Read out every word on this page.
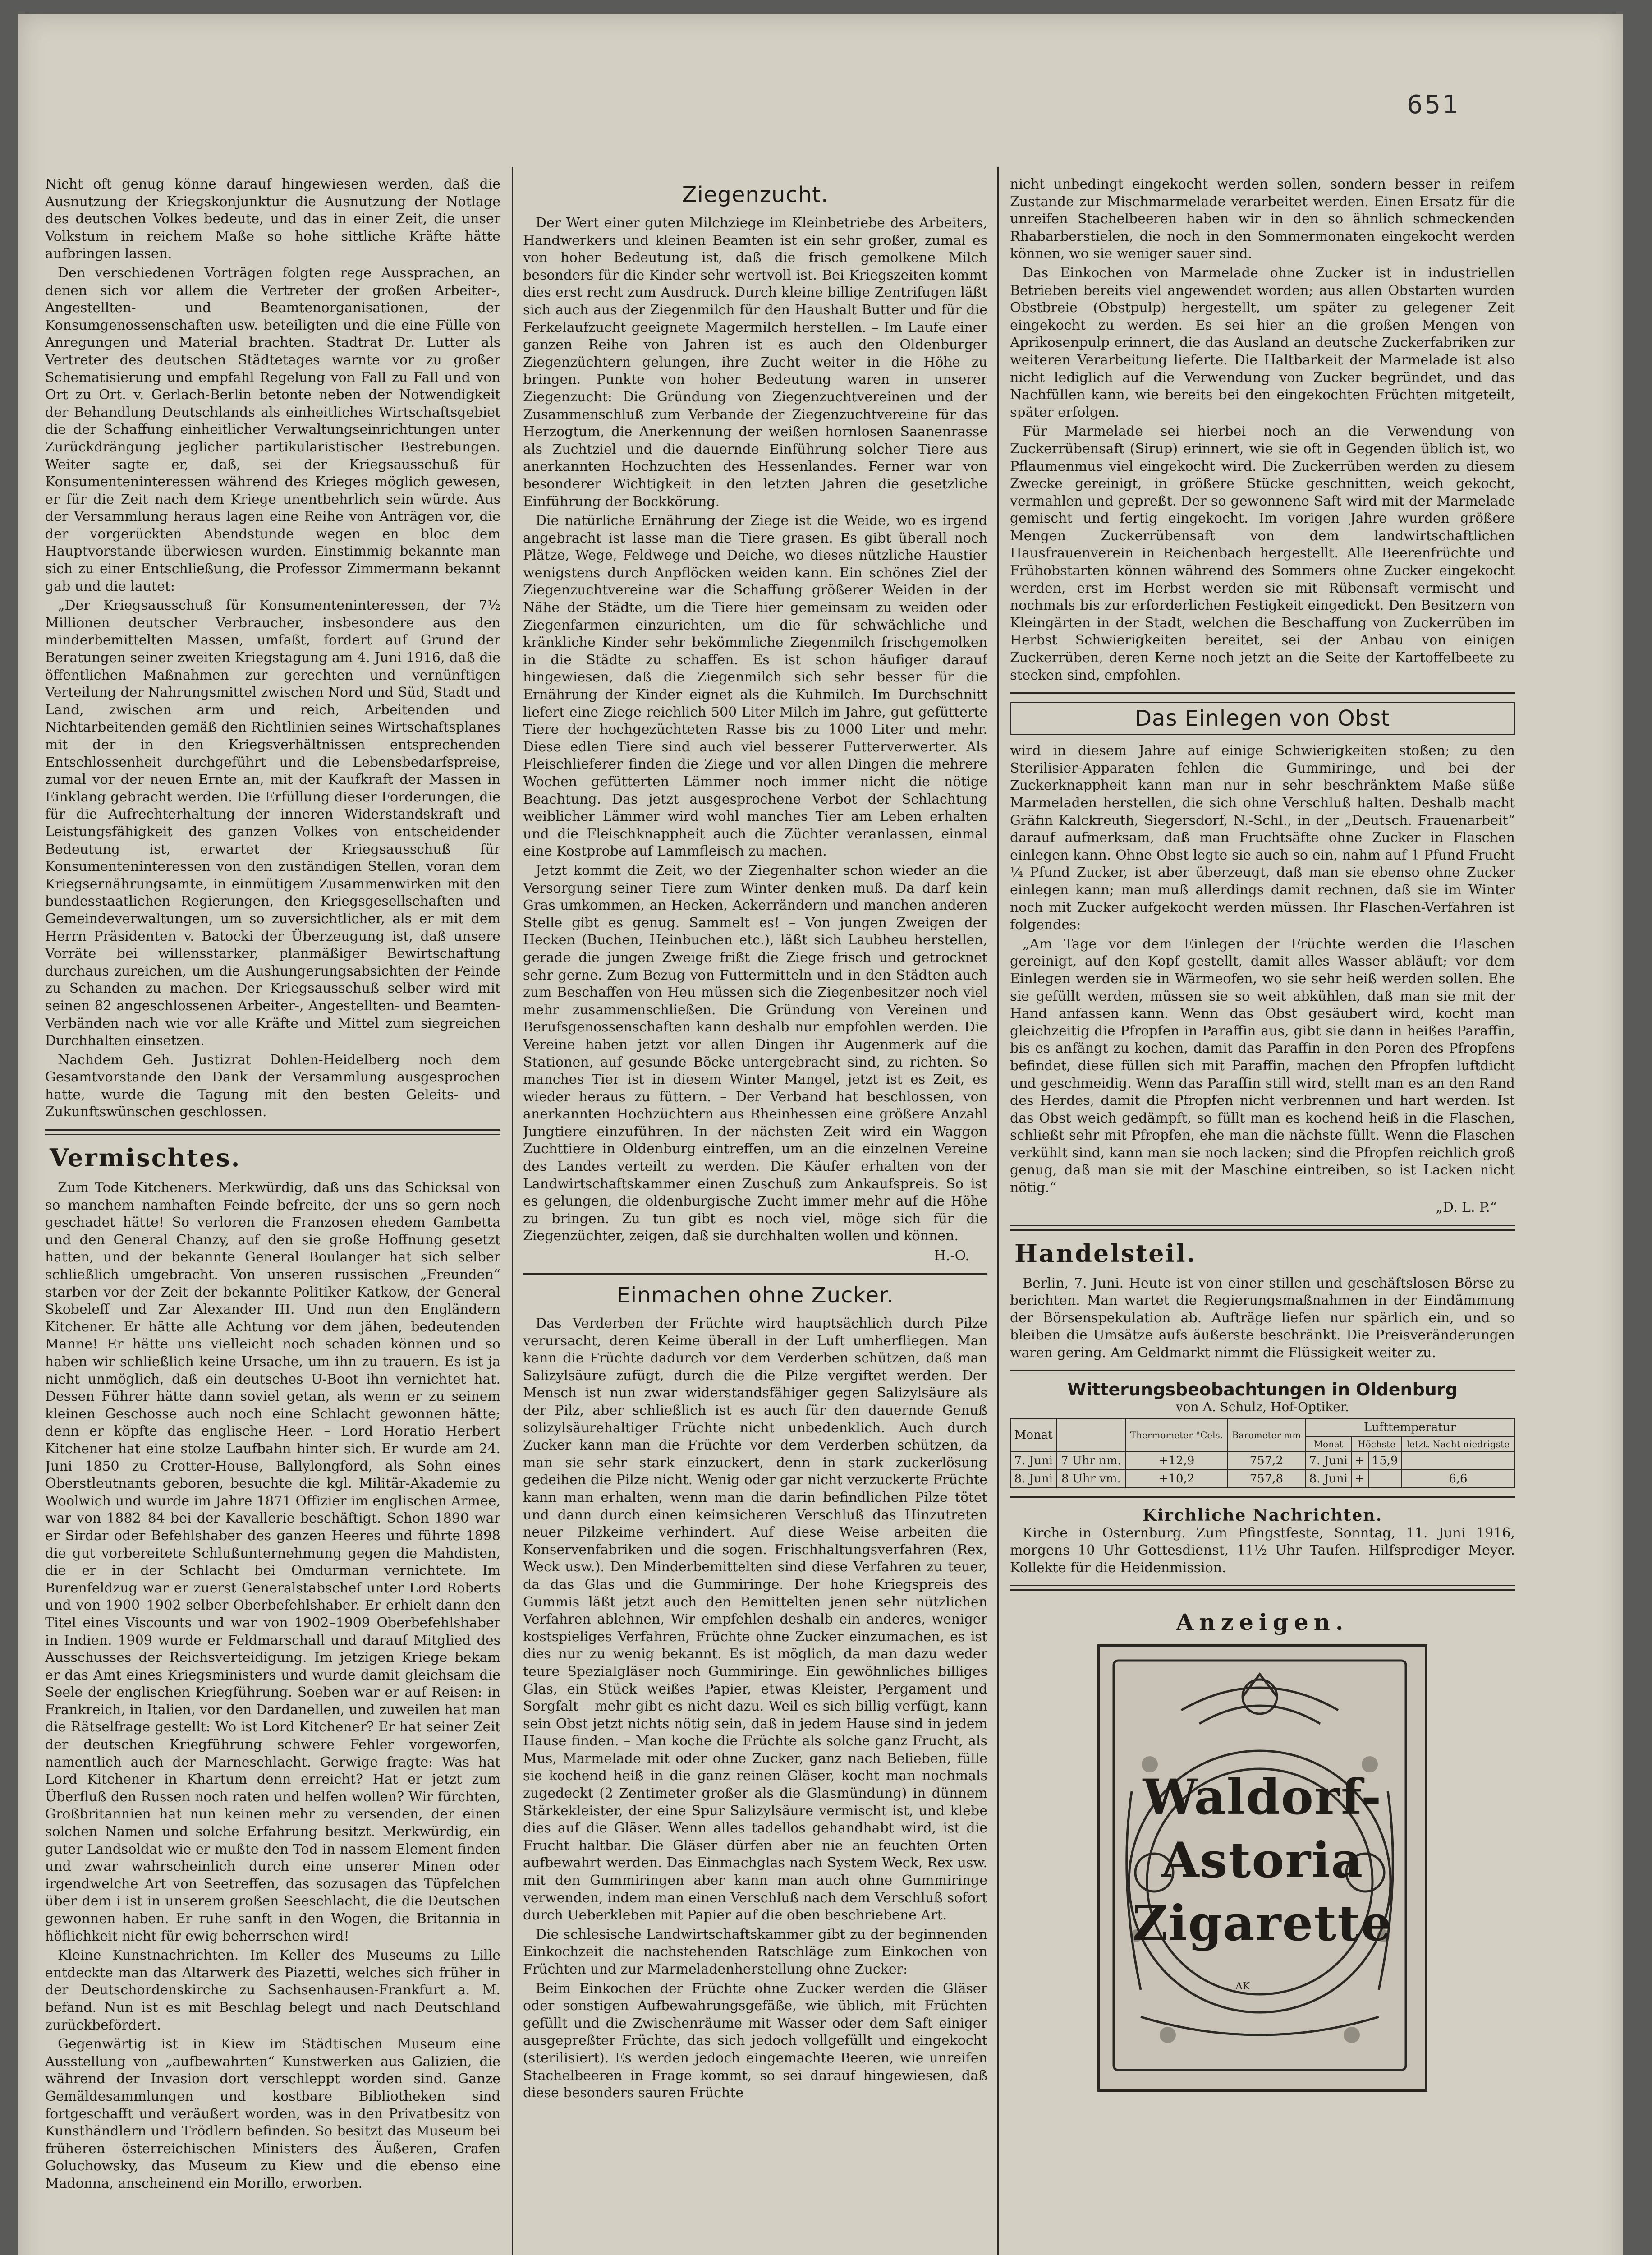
651

Nicht oft genug könne darauf hingewiesen werden, daß die Ausnutzung der Kriegskonjunktur die Ausnutzung der Notlage des deutschen Volkes bedeute, und das in einer Zeit, die unser Volkstum in reichem Maße so hohe sittliche Kräfte hätte aufbringen lassen.

Den verschiedenen Vorträgen folgten rege Aussprachen, an denen sich vor allem die Vertreter der großen Arbeiter-, Angestellten- und Beamtenorganisationen, der Konsumgenossenschaften usw. beteiligten und die eine Fülle von Anregungen und Material brachten. Stadtrat Dr. Lutter als Vertreter des deutschen Städtetages warnte vor zu großer Schematisierung und empfahl Regelung von Fall zu Fall und von Ort zu Ort. v. Gerlach-Berlin betonte neben der Notwendigkeit der Behandlung Deutschlands als einheitliches Wirtschaftsgebiet die der Schaffung einheitlicher Verwaltungseinrichtungen unter Zurückdrängung jeglicher partikularistischer Bestrebungen. Weiter sagte er, daß, sei der Kriegsausschuß für Konsumenteninteressen während des Krieges möglich gewesen, er für die Zeit nach dem Kriege unentbehrlich sein würde. Aus der Versammlung heraus lagen eine Reihe von Anträgen vor, die der vorgerückten Abendstunde wegen en bloc dem Hauptvorstande überwiesen wurden. Einstimmig bekannte man sich zu einer Entschließung, die Professor Zimmermann bekannt gab und die lautet:

„Der Kriegsausschuß für Konsumenteninteressen, der 7½ Millionen deutscher Verbraucher, insbesondere aus den minderbemittelten Massen, umfaßt, fordert auf Grund der Beratungen seiner zweiten Kriegstagung am 4. Juni 1916, daß die öffentlichen Maßnahmen zur gerechten und vernünftigen Verteilung der Nahrungsmittel zwischen Nord und Süd, Stadt und Land, zwischen arm und reich, Arbeitenden und Nichtarbeitenden gemäß den Richtlinien seines Wirtschaftsplanes mit der in den Kriegsverhältnissen entsprechenden Entschlossenheit durchgeführt und die Lebensbedarfspreise, zumal vor der neuen Ernte an, mit der Kaufkraft der Massen in Einklang gebracht werden. Die Erfüllung dieser Forderungen, die für die Aufrechterhaltung der inneren Widerstandskraft und Leistungsfähigkeit des ganzen Volkes von entscheidender Bedeutung ist, erwartet der Kriegsausschuß für Konsumenteninteressen von den zuständigen Stellen, voran dem Kriegsernährungsamte, in einmütigem Zusammenwirken mit den bundesstaatlichen Regierungen, den Kriegsgesellschaften und Gemeindeverwaltungen, um so zuversichtlicher, als er mit dem Herrn Präsidenten v. Batocki der Überzeugung ist, daß unsere Vorräte bei willensstarker, planmäßiger Bewirtschaftung durchaus zureichen, um die Aushungerungsabsichten der Feinde zu Schanden zu machen. Der Kriegsausschuß selber wird mit seinen 82 angeschlossenen Arbeiter-, Angestellten- und Beamten-Verbänden nach wie vor alle Kräfte und Mittel zum siegreichen Durchhalten einsetzen.

Nachdem Geh. Justizrat Dohlen-Heidelberg noch dem Gesamtvorstande den Dank der Versammlung ausgesprochen hatte, wurde die Tagung mit den besten Geleits- und Zukunftswünschen geschlossen.

Vermischtes.

Zum Tode Kitcheners. Merkwürdig, daß uns das Schicksal von so manchem namhaften Feinde befreite, der uns so gern noch geschadet hätte! So verloren die Franzosen ehedem Gambetta und den General Chanzy, auf den sie große Hoffnung gesetzt hatten, und der bekannte General Boulanger hat sich selber schließlich umgebracht. Von unseren russischen „Freunden“ starben vor der Zeit der bekannte Politiker Katkow, der General Skobeleff und Zar Alexander III. Und nun den Engländern Kitchener. Er hätte alle Achtung vor dem jähen, bedeutenden Manne! Er hätte uns vielleicht noch schaden können und so haben wir schließlich keine Ursache, um ihn zu trauern. Es ist ja nicht unmöglich, daß ein deutsches U-Boot ihn vernichtet hat. Dessen Führer hätte dann soviel getan, als wenn er zu seinem kleinen Geschosse auch noch eine Schlacht gewonnen hätte; denn er köpfte das englische Heer. – Lord Horatio Herbert Kitchener hat eine stolze Laufbahn hinter sich. Er wurde am 24. Juni 1850 zu Crotter-House, Ballylongford, als Sohn eines Oberstleutnants geboren, besuchte die kgl. Militär-Akademie zu Woolwich und wurde im Jahre 1871 Offizier im englischen Armee, war von 1882–84 bei der Kavallerie beschäftigt. Schon 1890 war er Sirdar oder Befehlshaber des ganzen Heeres und führte 1898 die gut vorbereitete Schlußunternehmung gegen die Mahdisten, die er in der Schlacht bei Omdurman vernichtete. Im Burenfeldzug war er zuerst Generalstabschef unter Lord Roberts und von 1900–1902 selber Oberbefehlshaber. Er erhielt dann den Titel eines Viscounts und war von 1902–1909 Oberbefehlshaber in Indien. 1909 wurde er Feldmarschall und darauf Mitglied des Ausschusses der Reichsverteidigung. Im jetzigen Kriege bekam er das Amt eines Kriegsministers und wurde damit gleichsam die Seele der englischen Kriegführung. Soeben war er auf Reisen: in Frankreich, in Italien, vor den Dardanellen, und zuweilen hat man die Rätselfrage gestellt: Wo ist Lord Kitchener? Er hat seiner Zeit der deutschen Kriegführung schwere Fehler vorgeworfen, namentlich auch der Marneschlacht. Gerwige fragte: Was hat Lord Kitchener in Khartum denn erreicht? Hat er jetzt zum Überfluß den Russen noch raten und helfen wollen? Wir fürchten, Großbritannien hat nun keinen mehr zu versenden, der einen solchen Namen und solche Erfahrung besitzt. Merkwürdig, ein guter Landsoldat wie er mußte den Tod in nassem Element finden und zwar wahrscheinlich durch eine unserer Minen oder irgendwelche Art von Seetreffen, das sozusagen das Tüpfelchen über dem i ist in unserem großen Seeschlacht, die die Deutschen gewonnen haben. Er ruhe sanft in den Wogen, die Britannia in höflichkeit nicht für ewig beherrschen wird!

Kleine Kunstnachrichten. Im Keller des Museums zu Lille entdeckte man das Altarwerk des Piazetti, welches sich früher in der Deutschordenskirche zu Sachsenhausen-Frankfurt a. M. befand. Nun ist es mit Beschlag belegt und nach Deutschland zurückbefördert.

Gegenwärtig ist in Kiew im Städtischen Museum eine Ausstellung von „aufbewahrten“ Kunstwerken aus Galizien, die während der Invasion dort verschleppt worden sind. Ganze Gemäldesammlungen und kostbare Bibliotheken sind fortgeschafft und veräußert worden, was in den Privatbesitz von Kunsthändlern und Trödlern befinden. So besitzt das Museum bei früheren österreichischen Ministers des Äußeren, Grafen Goluchowsky, das Museum zu Kiew und die ebenso eine Madonna, anscheinend ein Morillo, erworben.

Ziegenzucht.

Der Wert einer guten Milchziege im Kleinbetriebe des Arbeiters, Handwerkers und kleinen Beamten ist ein sehr großer, zumal es von hoher Bedeutung ist, daß die frisch gemolkene Milch besonders für die Kinder sehr wertvoll ist. Bei Kriegszeiten kommt dies erst recht zum Ausdruck. Durch kleine billige Zentrifugen läßt sich auch aus der Ziegenmilch für den Haushalt Butter und für die Ferkelaufzucht geeignete Magermilch herstellen. – Im Laufe einer ganzen Reihe von Jahren ist es auch den Oldenburger Ziegenzüchtern gelungen, ihre Zucht weiter in die Höhe zu bringen. Punkte von hoher Bedeutung waren in unserer Ziegenzucht: Die Gründung von Ziegenzuchtvereinen und der Zusammenschluß zum Verbande der Ziegenzuchtvereine für das Herzogtum, die Anerkennung der weißen hornlosen Saanenrasse als Zuchtziel und die dauernde Einführung solcher Tiere aus anerkannten Hochzuchten des Hessenlandes. Ferner war von besonderer Wichtigkeit in den letzten Jahren die gesetzliche Einführung der Bockkörung.

Die natürliche Ernährung der Ziege ist die Weide, wo es irgend angebracht ist lasse man die Tiere grasen. Es gibt überall noch Plätze, Wege, Feldwege und Deiche, wo dieses nützliche Haustier wenigstens durch Anpflöcken weiden kann. Ein schönes Ziel der Ziegenzuchtvereine war die Schaffung größerer Weiden in der Nähe der Städte, um die Tiere hier gemeinsam zu weiden oder Ziegenfarmen einzurichten, um die für schwächliche und kränkliche Kinder sehr bekömmliche Ziegenmilch frischgemolken in die Städte zu schaffen. Es ist schon häufiger darauf hingewiesen, daß die Ziegenmilch sich sehr besser für die Ernährung der Kinder eignet als die Kuhmilch. Im Durchschnitt liefert eine Ziege reichlich 500 Liter Milch im Jahre, gut gefütterte Tiere der hochgezüchteten Rasse bis zu 1000 Liter und mehr. Diese edlen Tiere sind auch viel besserer Futterverwerter. Als Fleischlieferer finden die Ziege und vor allen Dingen die mehrere Wochen gefütterten Lämmer noch immer nicht die nötige Beachtung. Das jetzt ausgesprochene Verbot der Schlachtung weiblicher Lämmer wird wohl manches Tier am Leben erhalten und die Fleischknappheit auch die Züchter veranlassen, einmal eine Kostprobe auf Lammfleisch zu machen.

Jetzt kommt die Zeit, wo der Ziegenhalter schon wieder an die Versorgung seiner Tiere zum Winter denken muß. Da darf kein Gras umkommen, an Hecken, Ackerrändern und manchen anderen Stelle gibt es genug. Sammelt es! – Von jungen Zweigen der Hecken (Buchen, Heinbuchen etc.), läßt sich Laubheu herstellen, gerade die jungen Zweige frißt die Ziege frisch und getrocknet sehr gerne. Zum Bezug von Futtermitteln und in den Städten auch zum Beschaffen von Heu müssen sich die Ziegenbesitzer noch viel mehr zusammenschließen. Die Gründung von Vereinen und Berufsgenossenschaften kann deshalb nur empfohlen werden. Die Vereine haben jetzt vor allen Dingen ihr Augenmerk auf die Stationen, auf gesunde Böcke untergebracht sind, zu richten. So manches Tier ist in diesem Winter Mangel, jetzt ist es Zeit, es wieder heraus zu füttern. – Der Verband hat beschlossen, von anerkannten Hochzüchtern aus Rheinhessen eine größere Anzahl Jungtiere einzuführen. In der nächsten Zeit wird ein Waggon Zuchttiere in Oldenburg eintreffen, um an die einzelnen Vereine des Landes verteilt zu werden. Die Käufer erhalten von der Landwirtschaftskammer einen Zuschuß zum Ankaufspreis. So ist es gelungen, die oldenburgische Zucht immer mehr auf die Höhe zu bringen. Zu tun gibt es noch viel, möge sich für die Ziegenzüchter, zeigen, daß sie durchhalten wollen und können.

H.-O.
Einmachen ohne Zucker.

Das Verderben der Früchte wird hauptsächlich durch Pilze verursacht, deren Keime überall in der Luft umherfliegen. Man kann die Früchte dadurch vor dem Verderben schützen, daß man Salizylsäure zufügt, durch die die Pilze vergiftet werden. Der Mensch ist nun zwar widerstandsfähiger gegen Salizylsäure als der Pilz, aber schließlich ist es auch für den dauernde Genuß solizylsäurehaltiger Früchte nicht unbedenklich. Auch durch Zucker kann man die Früchte vor dem Verderben schützen, da man sie sehr stark einzuckert, denn in stark zuckerlösung gedeihen die Pilze nicht. Wenig oder gar nicht verzuckerte Früchte kann man erhalten, wenn man die darin befindlichen Pilze tötet und dann durch einen keimsicheren Verschluß das Hinzutreten neuer Pilzkeime verhindert. Auf diese Weise arbeiten die Konservenfabriken und die sogen. Frischhaltungsverfahren (Rex, Weck usw.). Den Minderbemittelten sind diese Verfahren zu teuer, da das Glas und die Gummiringe. Der hohe Kriegspreis des Gummis läßt jetzt auch den Bemittelten jenen sehr nützlichen Verfahren ablehnen, Wir empfehlen deshalb ein anderes, weniger kostspieliges Verfahren, Früchte ohne Zucker einzumachen, es ist dies nur zu wenig bekannt. Es ist möglich, da man dazu weder teure Spezialgläser noch Gummiringe. Ein gewöhnliches billiges Glas, ein Stück weißes Papier, etwas Kleister, Pergament und Sorgfalt – mehr gibt es nicht dazu. Weil es sich billig verfügt, kann sein Obst jetzt nichts nötig sein, daß in jedem Hause sind in jedem Hause finden. – Man koche die Früchte als solche ganz Frucht, als Mus, Marmelade mit oder ohne Zucker, ganz nach Belieben, fülle sie kochend heiß in die ganz reinen Gläser, kocht man nochmals zugedeckt (2 Zentimeter großer als die Glasmündung) in dünnem Stärkekleister, der eine Spur Salizylsäure vermischt ist, und klebe dies auf die Gläser. Wenn alles tadellos gehandhabt wird, ist die Frucht haltbar. Die Gläser dürfen aber nie an feuchten Orten aufbewahrt werden. Das Einmachglas nach System Weck, Rex usw. mit den Gummiringen aber kann man auch ohne Gummiringe verwenden, indem man einen Verschluß nach dem Verschluß sofort durch Ueberkleben mit Papier auf die oben beschriebene Art.

Die schlesische Landwirtschaftskammer gibt zu der beginnenden Einkochzeit die nachstehenden Ratschläge zum Einkochen von Früchten und zur Marmeladenherstellung ohne Zucker:

Beim Einkochen der Früchte ohne Zucker werden die Gläser oder sonstigen Aufbewahrungsgefäße, wie üblich, mit Früchten gefüllt und die Zwischenräume mit Wasser oder dem Saft einiger ausgepreßter Früchte, das sich jedoch vollgefüllt und eingekocht (sterilisiert). Es werden jedoch eingemachte Beeren, wie unreifen Stachelbeeren in Frage kommt, so sei darauf hingewiesen, daß diese besonders sauren Früchte

nicht unbedingt eingekocht werden sollen, sondern besser in reifem Zustande zur Mischmarmelade verarbeitet werden. Einen Ersatz für die unreifen Stachelbeeren haben wir in den so ähnlich schmeckenden Rhabarberstielen, die noch in den Sommermonaten eingekocht werden können, wo sie weniger sauer sind.

Das Einkochen von Marmelade ohne Zucker ist in industriellen Betrieben bereits viel angewendet worden; aus allen Obstarten wurden Obstbreie (Obstpulp) hergestellt, um später zu gelegener Zeit eingekocht zu werden. Es sei hier an die großen Mengen von Aprikosenpulp erinnert, die das Ausland an deutsche Zuckerfabriken zur weiteren Verarbeitung lieferte. Die Haltbarkeit der Marmelade ist also nicht lediglich auf die Verwendung von Zucker begründet, und das Nachfüllen kann, wie bereits bei den eingekochten Früchten mitgeteilt, später erfolgen.

Für Marmelade sei hierbei noch an die Verwendung von Zuckerrübensaft (Sirup) erinnert, wie sie oft in Gegenden üblich ist, wo Pflaumenmus viel eingekocht wird. Die Zuckerrüben werden zu diesem Zwecke gereinigt, in größere Stücke geschnitten, weich gekocht, vermahlen und gepreßt. Der so gewonnene Saft wird mit der Marmelade gemischt und fertig eingekocht. Im vorigen Jahre wurden größere Mengen Zuckerrübensaft von dem landwirtschaftlichen Hausfrauenverein in Reichenbach hergestellt. Alle Beerenfrüchte und Frühobstarten können während des Sommers ohne Zucker eingekocht werden, erst im Herbst werden sie mit Rübensaft vermischt und nochmals bis zur erforderlichen Festigkeit eingedickt. Den Besitzern von Kleingärten in der Stadt, welchen die Beschaffung von Zuckerrüben im Herbst Schwierigkeiten bereitet, sei der Anbau von einigen Zuckerrüben, deren Kerne noch jetzt an die Seite der Kartoffelbeete zu stecken sind, empfohlen.

Das Einlegen von Obst

wird in diesem Jahre auf einige Schwierigkeiten stoßen; zu den Sterilisier-Apparaten fehlen die Gummiringe, und bei der Zuckerknappheit kann man nur in sehr beschränktem Maße süße Marmeladen herstellen, die sich ohne Verschluß halten. Deshalb macht Gräfin Kalckreuth, Siegersdorf, N.-Schl., in der „Deutsch. Frauenarbeit“ darauf aufmerksam, daß man Fruchtsäfte ohne Zucker in Flaschen einlegen kann. Ohne Obst legte sie auch so ein, nahm auf 1 Pfund Frucht ¼ Pfund Zucker, ist aber überzeugt, daß man sie ebenso ohne Zucker einlegen kann; man muß allerdings damit rechnen, daß sie im Winter noch mit Zucker aufgekocht werden müssen. Ihr Flaschen-Verfahren ist folgendes:

„Am Tage vor dem Einlegen der Früchte werden die Flaschen gereinigt, auf den Kopf gestellt, damit alles Wasser abläuft; vor dem Einlegen werden sie in Wärmeofen, wo sie sehr heiß werden sollen. Ehe sie gefüllt werden, müssen sie so weit abkühlen, daß man sie mit der Hand anfassen kann. Wenn das Obst gesäubert wird, kocht man gleichzeitig die Pfropfen in Paraffin aus, gibt sie dann in heißes Paraffin, bis es anfängt zu kochen, damit das Paraffin in den Poren des Pfropfens befindet, diese füllen sich mit Paraffin, machen den Pfropfen luftdicht und geschmeidig. Wenn das Paraffin still wird, stellt man es an den Rand des Herdes, damit die Pfropfen nicht verbrennen und hart werden. Ist das Obst weich gedämpft, so füllt man es kochend heiß in die Flaschen, schließt sehr mit Pfropfen, ehe man die nächste füllt. Wenn die Flaschen verkühlt sind, kann man sie noch lacken; sind die Pfropfen reichlich groß genug, daß man sie mit der Maschine eintreiben, so ist Lacken nicht nötig.“

„D. L. P.“
Handelsteil.

Berlin, 7. Juni. Heute ist von einer stillen und geschäftslosen Börse zu berichten. Man wartet die Regierungsmaßnahmen in der Eindämmung der Börsenspekulation ab. Aufträge liefen nur spärlich ein, und so bleiben die Umsätze aufs äußerste beschränkt. Die Preisveränderungen waren gering. Am Geldmarkt nimmt die Flüssigkeit weiter zu.

Witterungsbeobachtungen in Oldenburg
von A. Schulz, Hof-Optiker.
Monat		Thermometer °Cels.	Barometer mm	Lufttemperatur			
				Monat	Höchste		letzt. Nacht niedrigste
7. Juni	7 Uhr nm.	+12,9	757,2	7. Juni	+	15,9	
8. Juni	8 Uhr vm.	+10,2	757,8	8. Juni	+		6,6
Kirchliche Nachrichten.

Kirche in Osternburg. Zum Pfingstfeste, Sonntag, 11. Juni 1916, morgens 10 Uhr Gottesdienst, 11½ Uhr Taufen. Hilfsprediger Meyer. Kollekte für die Heidenmission.

Anzeigen.
Waldorf-
Astoria
Zigarette
AK
